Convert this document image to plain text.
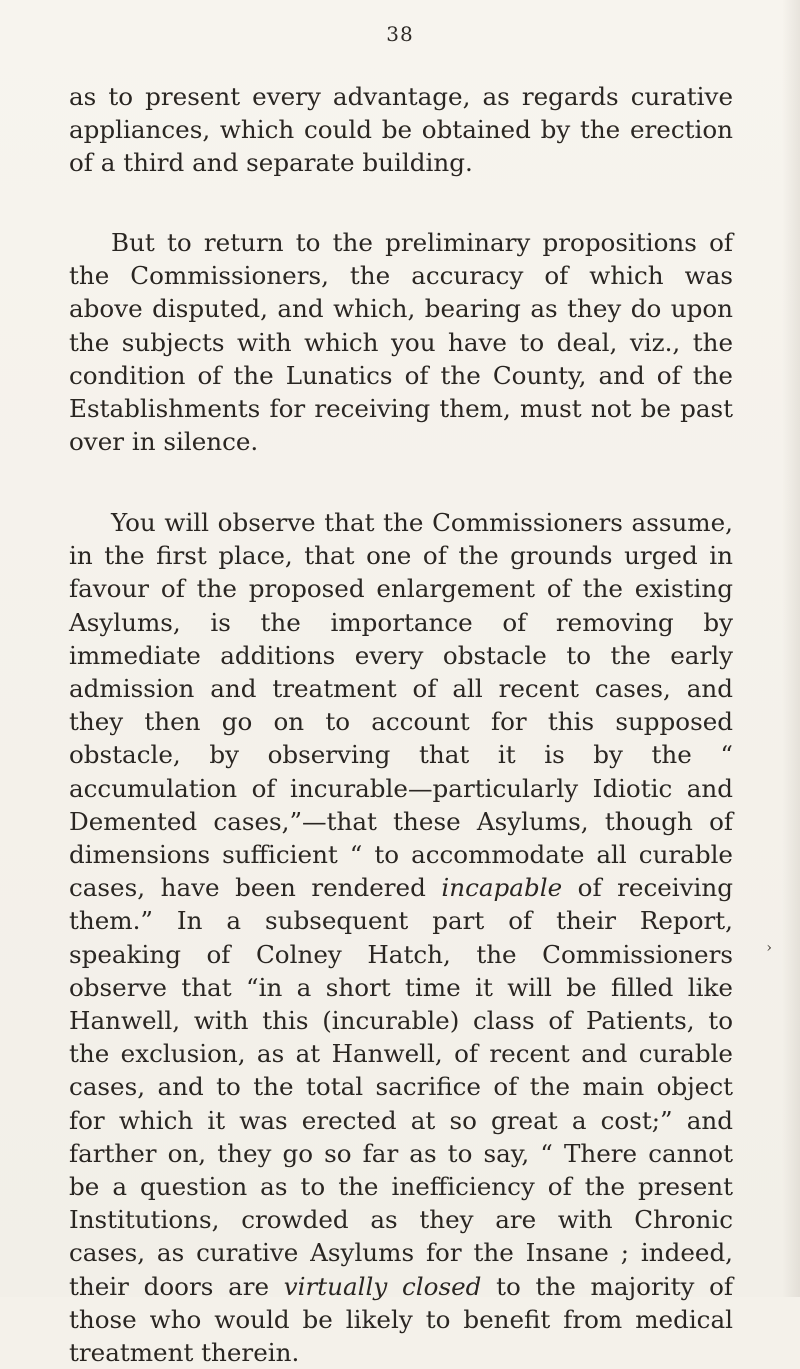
38
as to present every advantage, as regards curative appliances, which could be obtained by the erection of a third and separate building.
But to return to the preliminary propositions of the Commissioners, the accuracy of which was above disputed, and which, bearing as they do upon the subjects with which you have to deal, viz., the condition of the Lunatics of the County, and of the Establishments for receiving them, must not be past over in silence.
You will observe that the Commissioners assume, in the first place, that one of the grounds urged in favour of the proposed enlargement of the existing Asylums, is the importance of removing by immediate additions every obstacle to the early admission and treatment of all recent cases, and they then go on to account for this supposed obstacle, by observing that it is by the “ accumulation of incurable—particularly Idiotic and Demented cases,”—that these Asylums, though of dimensions sufficient “ to accommodate all curable cases, have been rendered incapable of receiving them.” In a subsequent part of their Report, speaking of Colney Hatch, the Commissioners observe that “in a short time it will be filled like Hanwell, with this (incurable) class of Patients, to the exclusion, as at Hanwell, of recent and curable cases, and to the total sacrifice of the main object for which it was erected at so great a cost;” and farther on, they go so far as to say, “ There cannot be a question as to the inefficiency of the present Institutions, crowded as they are with Chronic cases, as curative Asylums for the Insane ; indeed, their doors are virtually closed to the majority of those who would be likely to benefit from medical treatment therein.
›
